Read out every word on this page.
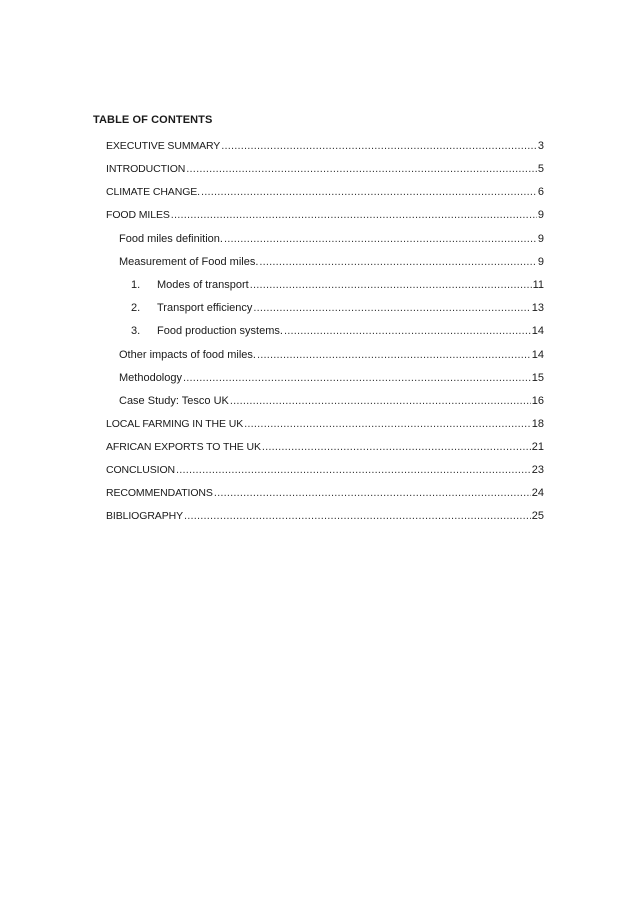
TABLE OF CONTENTS
EXECUTIVE SUMMARY .....	3
INTRODUCTION .....	5
CLIMATE CHANGE. .....	6
FOOD MILES .....	9
Food miles definition. .....	9
Measurement of Food miles. .....	9
1.	Modes of transport .....	11
2.	Transport efficiency .....	13
3.	Food production systems. .....	14
Other impacts of food miles. .....	14
Methodology .....	15
Case Study: Tesco UK .....	16
LOCAL FARMING IN THE UK .....	18
AFRICAN EXPORTS TO THE UK .....	21
CONCLUSION .....	23
RECOMMENDATIONS .....	24
BIBLIOGRAPHY .....	25
